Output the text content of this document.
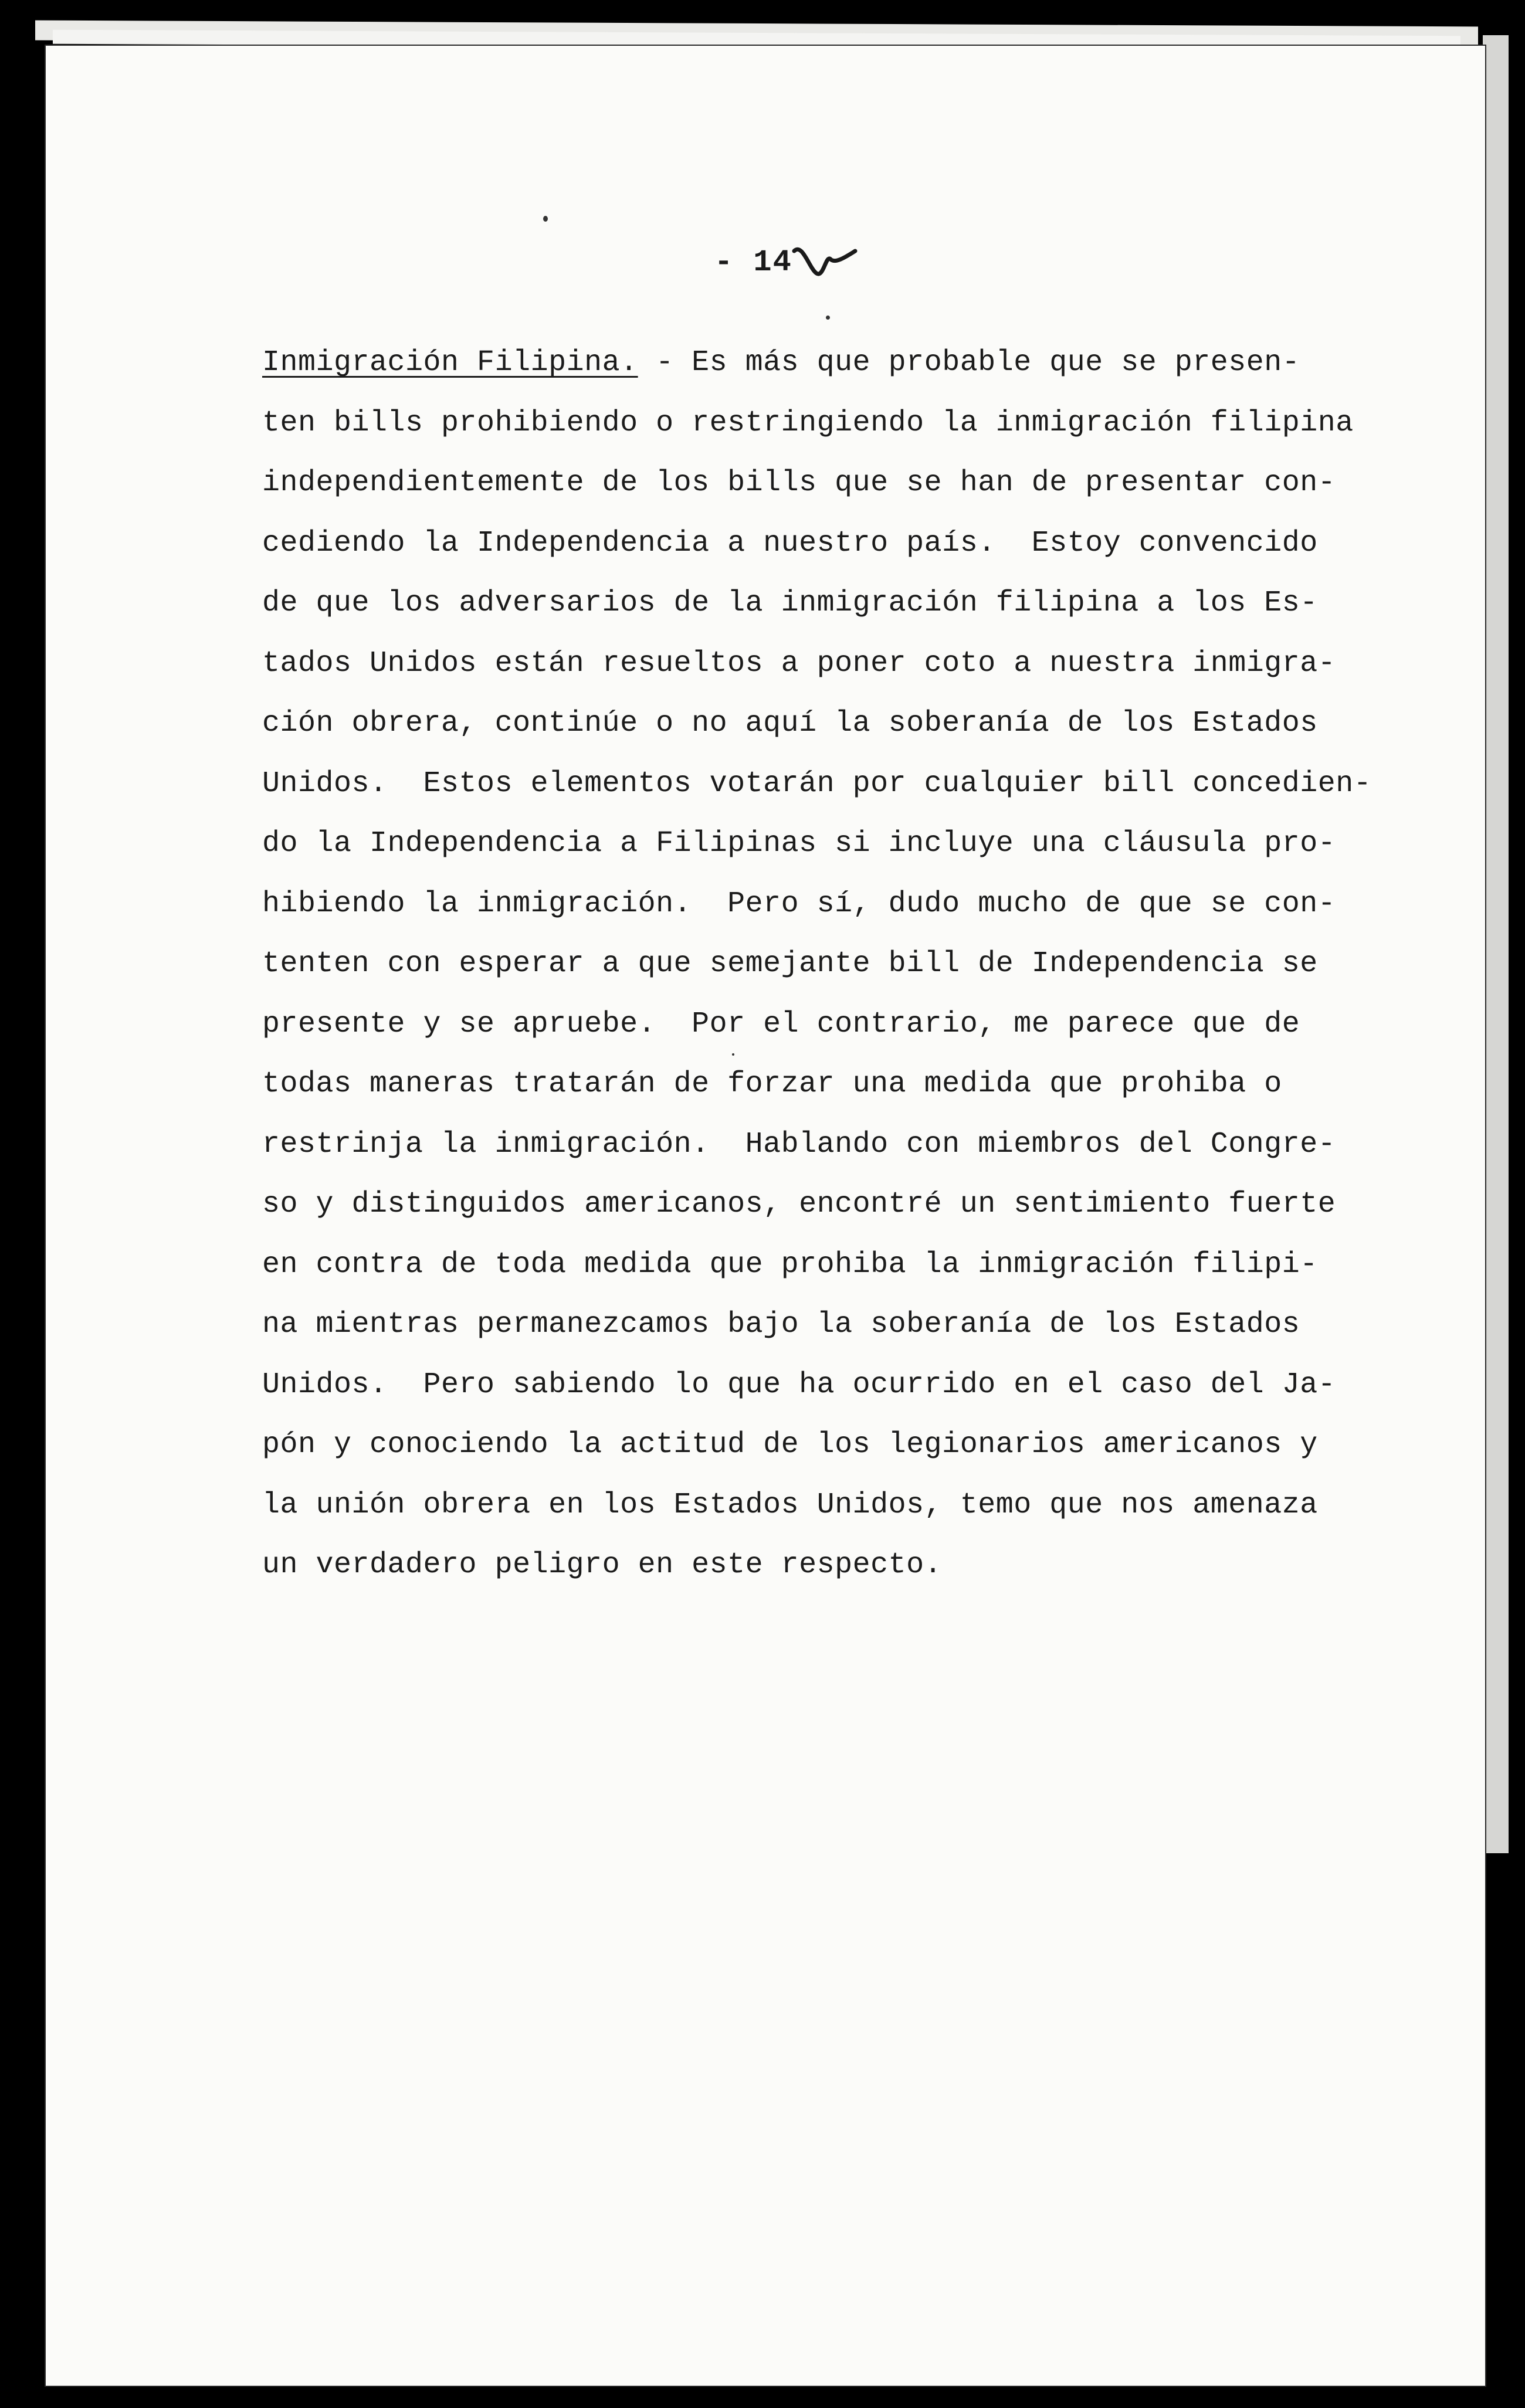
- 14
Inmigración Filipina. - Es más que probable que se presen-
ten bills prohibiendo o restringiendo la inmigración filipina
independientemente de los bills que se han de presentar con-
cediendo la Independencia a nuestro país.  Estoy convencido
de que los adversarios de la inmigración filipina a los Es-
tados Unidos están resueltos a poner coto a nuestra inmigra-
ción obrera, continúe o no aquí la soberanía de los Estados
Unidos.  Estos elementos votarán por cualquier bill concedien-
do la Independencia a Filipinas si incluye una cláusula pro-
hibiendo la inmigración.  Pero sí, dudo mucho de que se con-
tenten con esperar a que semejante bill de Independencia se
presente y se apruebe.  Por el contrario, me parece que de
todas maneras tratarán de forzar una medida que prohiba o
restrinja la inmigración.  Hablando con miembros del Congre-
so y distinguidos americanos, encontré un sentimiento fuerte
en contra de toda medida que prohiba la inmigración filipi-
na mientras permanezcamos bajo la soberanía de los Estados
Unidos.  Pero sabiendo lo que ha ocurrido en el caso del Ja-
pón y conociendo la actitud de los legionarios americanos y
la unión obrera en los Estados Unidos, temo que nos amenaza
un verdadero peligro en este respecto.
